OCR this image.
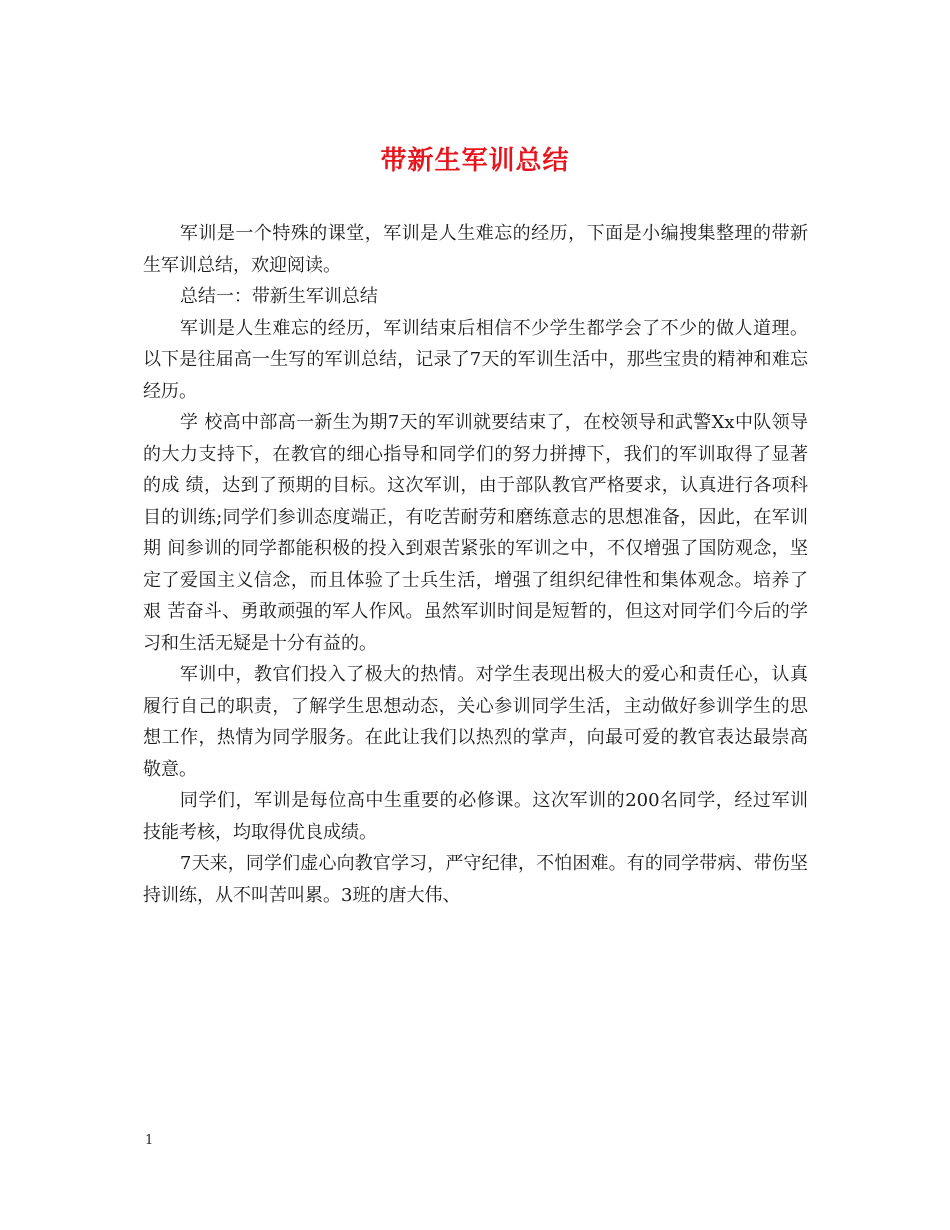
带新生军训总结

军训是一个特殊的课堂，军训是人生难忘的经历，下面是小编搜集整理的带新生军训总结，欢迎阅读。

总结一：带新生军训总结

军训是人生难忘的经历，军训结束后相信不少学生都学会了不少的做人道理。以下是往届高一生写的军训总结，记录了7天的军训生活中，那些宝贵的精神和难忘经历。

学 校高中部高一新生为期7天的军训就要结束了，在校领导和武警Xx中队领导的大力支持下，在教官的细心指导和同学们的努力拼搏下，我们的军训取得了显著的成 绩，达到了预期的目标。这次军训，由于部队教官严格要求，认真进行各项科目的训练;同学们参训态度端正，有吃苦耐劳和磨练意志的思想准备，因此，在军训期 间参训的同学都能积极的投入到艰苦紧张的军训之中，不仅增强了国防观念，坚定了爱国主义信念，而且体验了士兵生活，增强了组织纪律性和集体观念。培养了艰 苦奋斗、勇敢顽强的军人作风。虽然军训时间是短暂的，但这对同学们今后的学习和生活无疑是十分有益的。

军训中，教官们投入了极大的热情。对学生表现出极大的爱心和责任心，认真履行自己的职责，了解学生思想动态，关心参训同学生活，主动做好参训学生的思想工作，热情为同学服务。在此让我们以热烈的掌声，向最可爱的教官表达最崇高敬意。

同学们，军训是每位高中生重要的必修课。这次军训的200名同学，经过军训技能考核，均取得优良成绩。

7天来，同学们虚心向教官学习，严守纪律，不怕困难。有的同学带病、带伤坚持训练，从不叫苦叫累。3班的唐大伟、

1
